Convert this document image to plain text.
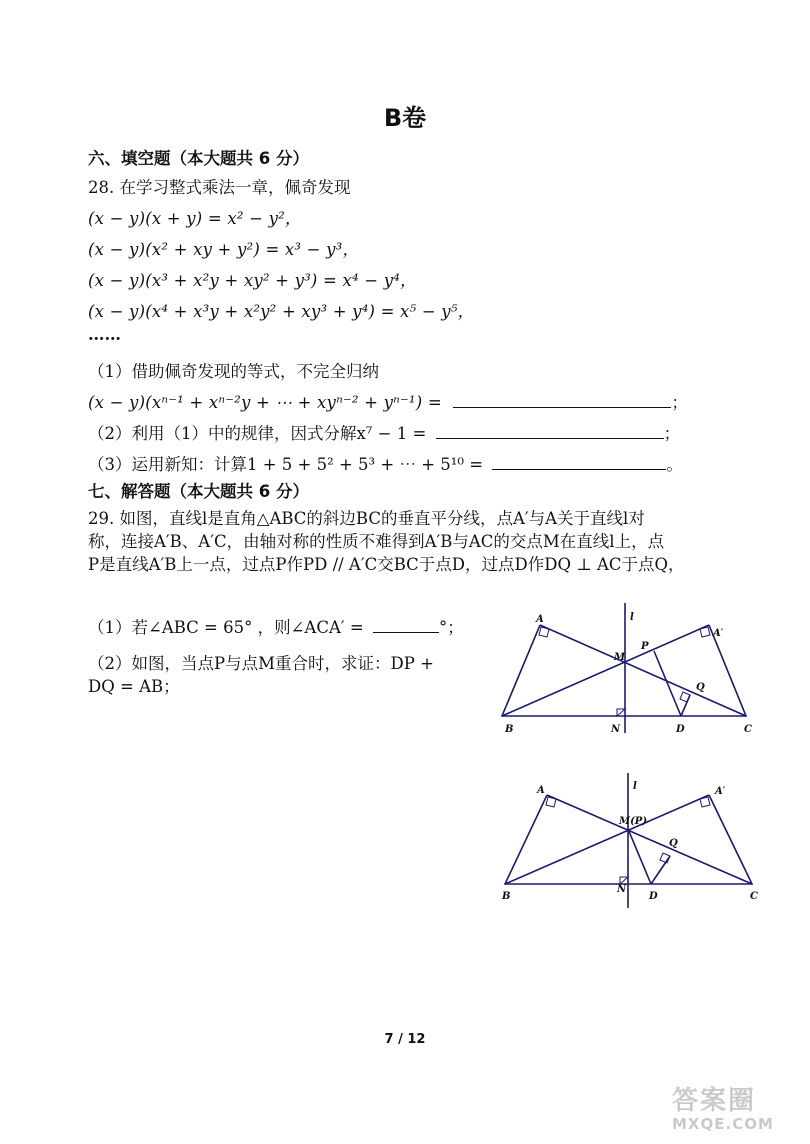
B卷
六、填空题（本大题共 6 分）
28. 在学习整式乘法一章，佩奇发现
(x − y)(x + y) = x² − y²，
(x − y)(x² + xy + y²) = x³ − y³，
(x − y)(x³ + x²y + xy² + y³) = x⁴ − y⁴，
(x − y)(x⁴ + x³y + x²y² + xy³ + y⁴) = x⁵ − y⁵，
……
（1）借助佩奇发现的等式，不完全归纳
(x − y)(xⁿ⁻¹ + xⁿ⁻²y + ⋯ + xyⁿ⁻² + yⁿ⁻¹) =	；
（2）利用（1）中的规律，因式分解x⁷ − 1 =	；
（3）运用新知：计算1 + 5 + 5² + 5³ + ⋯ + 5¹⁰ =	。
七、解答题（本大题共 6 分）
29. 如图，直线l是直角△ABC的斜边BC的垂直平分线，点A′与A关于直线l对
称，连接A′B、A′C，由轴对称的性质不难得到A′B与AC的交点M在直线l上，点
P是直线A′B上一点，过点P作PD // A′C交BC于点D，过点D作DQ ⊥ AC于点Q，
（1）若∠ABC = 65° ，则∠ACA′ =	°；
（2）如图，当点P与点M重合时，求证：DP +
DQ = AB；
l
A
A′
M
P
Q
B	N	D	C
l
A	A′
M(P)
Q
B
N
D	C
7 / 12
答案圈
MXQE.COM
